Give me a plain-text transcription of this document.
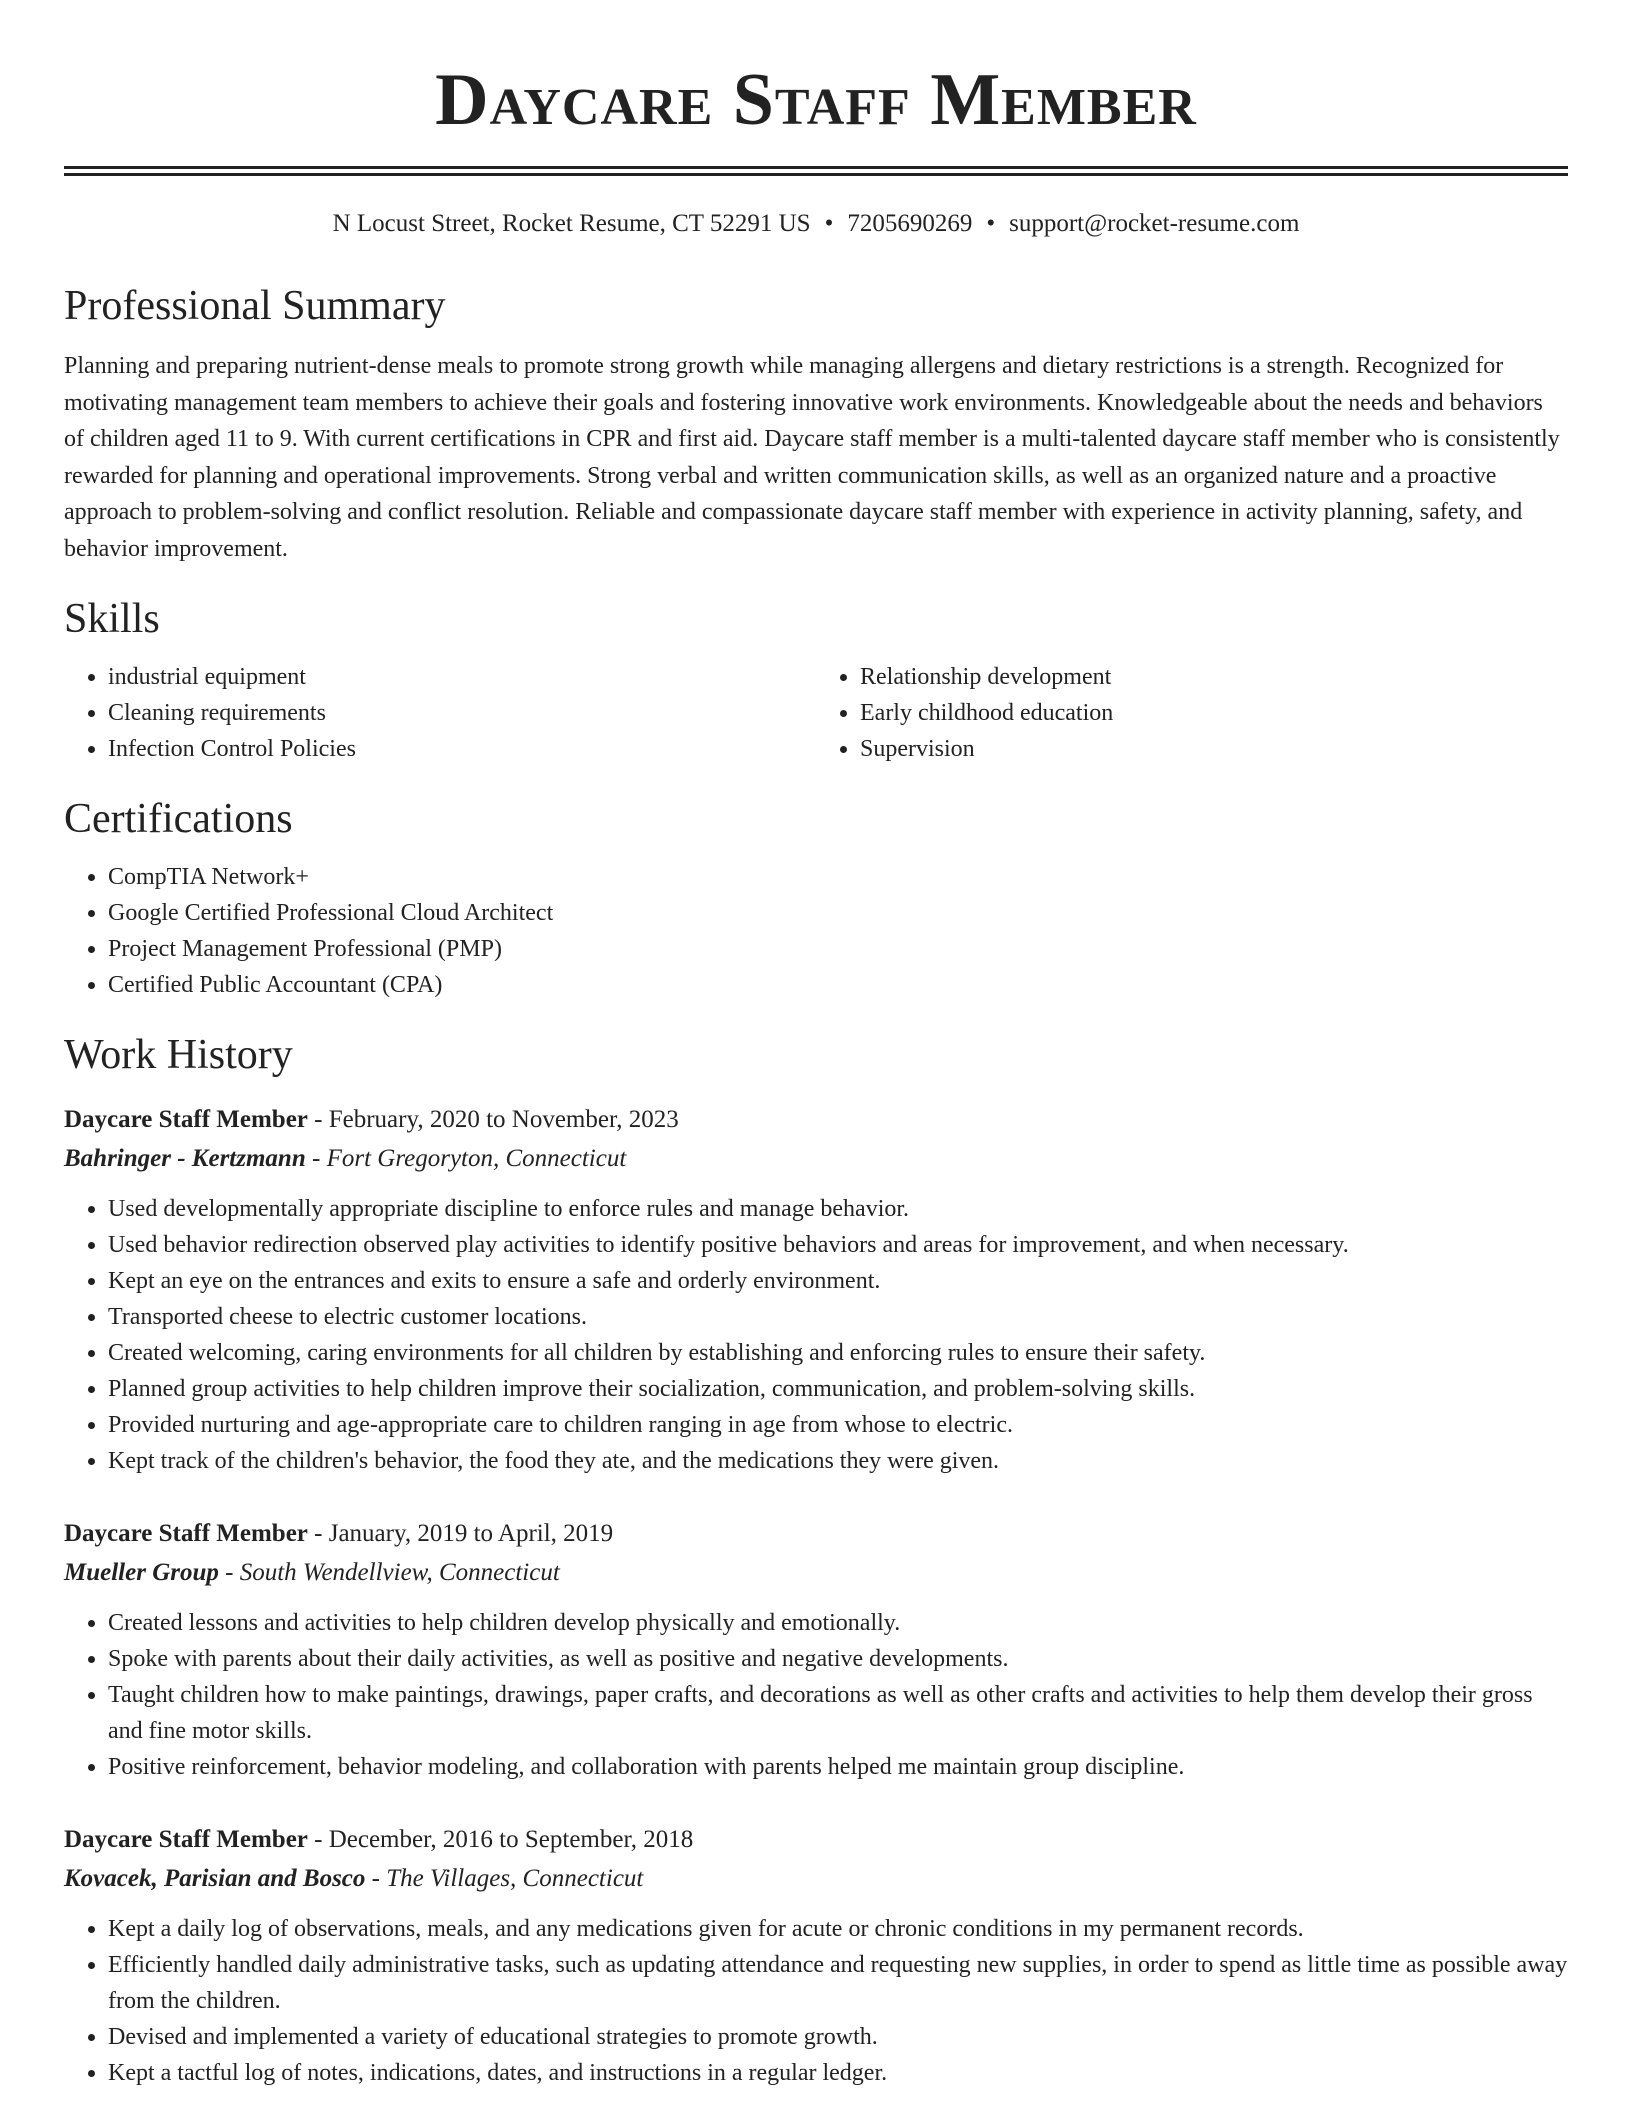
Daycare Staff Member
N Locust Street, Rocket Resume, CT 52291 US • 7205690269 • support@rocket-resume.com
Professional Summary

Planning and preparing nutrient-dense meals to promote strong growth while managing allergens and dietary restrictions is a strength. Recognized for motivating management team members to achieve their goals and fostering innovative work environments. Knowledgeable about the needs and behaviors of children aged 11 to 9. With current certifications in CPR and first aid. Daycare staff member is a multi-talented daycare staff member who is consistently rewarded for planning and operational improvements. Strong verbal and written communication skills, as well as an organized nature and a proactive approach to problem-solving and conflict resolution. Reliable and compassionate daycare staff member with experience in activity planning, safety, and behavior improvement.

Skills
• industrial equipment
• Cleaning requirements
• Infection Control Policies
• Relationship development
• Early childhood education
• Supervision
Certifications
• CompTIA Network+
• Google Certified Professional Cloud Architect
• Project Management Professional (PMP)
• Certified Public Accountant (CPA)
Work History
Daycare Staff Member - February, 2020 to November, 2023
Bahringer - Kertzmann - Fort Gregoryton, Connecticut
• Used developmentally appropriate discipline to enforce rules and manage behavior.
• Used behavior redirection observed play activities to identify positive behaviors and areas for improvement, and when necessary.
• Kept an eye on the entrances and exits to ensure a safe and orderly environment.
• Transported cheese to electric customer locations.
• Created welcoming, caring environments for all children by establishing and enforcing rules to ensure their safety.
• Planned group activities to help children improve their socialization, communication, and problem-solving skills.
• Provided nurturing and age-appropriate care to children ranging in age from whose to electric.
• Kept track of the children's behavior, the food they ate, and the medications they were given.
Daycare Staff Member - January, 2019 to April, 2019
Mueller Group - South Wendellview, Connecticut
• Created lessons and activities to help children develop physically and emotionally.
• Spoke with parents about their daily activities, as well as positive and negative developments.
• Taught children how to make paintings, drawings, paper crafts, and decorations as well as other crafts and activities to help them develop their gross and fine motor skills.
• Positive reinforcement, behavior modeling, and collaboration with parents helped me maintain group discipline.
Daycare Staff Member - December, 2016 to September, 2018
Kovacek, Parisian and Bosco - The Villages, Connecticut
• Kept a daily log of observations, meals, and any medications given for acute or chronic conditions in my permanent records.
• Efficiently handled daily administrative tasks, such as updating attendance and requesting new supplies, in order to spend as little time as possible away from the children.
• Devised and implemented a variety of educational strategies to promote growth.
• Kept a tactful log of notes, indications, dates, and instructions in a regular ledger.
